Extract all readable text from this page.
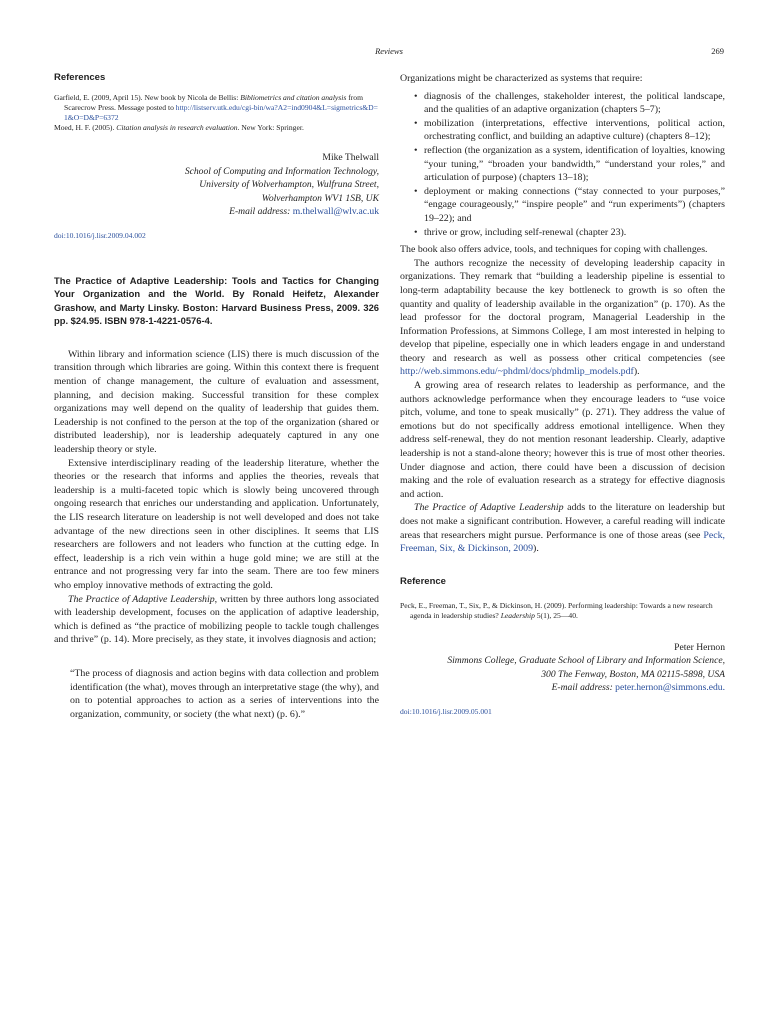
Reviews	269
References

Garfield, E. (2009, April 15). New book by Nicola de Bellis: Bibliometrics and citation analysis from Scarecrow Press. Message posted to http://listserv.utk.edu/cgi-bin/wa?A2=ind0904&L=sigmetrics&D=1&O=D&P=6372

Moed, H. F. (2005). Citation analysis in research evaluation. New York: Springer.

Mike Thelwall
School of Computing and Information Technology,
University of Wolverhampton, Wulfruna Street,
Wolverhampton WV1 1SB, UK
E-mail address: m.thelwall@wlv.ac.uk
doi:10.1016/j.lisr.2009.04.002

The Practice of Adaptive Leadership: Tools and Tactics for Changing Your Organization and the World. By Ronald Heifetz, Alexander Grashow, and Marty Linsky. Boston: Harvard Business Press, 2009. 326 pp. $24.95. ISBN 978-1-4221-0576-4.

Within library and information science (LIS) there is much discussion of the transition through which libraries are going. Within this context there is frequent mention of change management, the culture of evaluation and assessment, planning, and decision making. Successful transition for these complex organizations may well depend on the quality of leadership that guides them. Leadership is not confined to the person at the top of the organization (shared or distributed leadership), nor is leadership adequately captured in any one leadership theory or style.

Extensive interdisciplinary reading of the leadership literature, whether the theories or the research that informs and applies the theories, reveals that leadership is a multi-faceted topic which is slowly being uncovered through ongoing research that enriches our understanding and application. Unfortunately, the LIS research literature on leadership is not well developed and does not take advantage of the new directions seen in other disciplines. It seems that LIS researchers are followers and not leaders who function at the cutting edge. In effect, leadership is a rich vein within a huge gold mine; we are still at the entrance and not progressing very far into the seam. There are too few miners who employ innovative methods of extracting the gold.

The Practice of Adaptive Leadership, written by three authors long associated with leadership development, focuses on the application of adaptive leadership, which is defined as “the practice of mobilizing people to tackle tough challenges and thrive” (p. 14). More precisely, as they state, it involves diagnosis and action;

“The process of diagnosis and action begins with data collection and problem identification (the what), moves through an interpretative stage (the why), and on to potential approaches to action as a series of interventions into the organization, community, or society (the what next) (p. 6).”

Organizations might be characterized as systems that require:

• diagnosis of the challenges, stakeholder interest, the political landscape, and the qualities of an adaptive organization (chapters 5–7);
• mobilization (interpretations, effective interventions, political action, orchestrating conflict, and building an adaptive culture) (chapters 8–12);
• reflection (the organization as a system, identification of loyalties, knowing “your tuning,” “broaden your bandwidth,” “understand your roles,” and articulation of purpose) (chapters 13–18);
• deployment or making connections (“stay connected to your purposes,” “engage courageously,” “inspire people” and “run experiments”) (chapters 19–22); and
• thrive or grow, including self-renewal (chapter 23).

The book also offers advice, tools, and techniques for coping with challenges.

The authors recognize the necessity of developing leadership capacity in organizations. They remark that “building a leadership pipeline is essential to long-term adaptability because the key bottleneck to growth is so often the quantity and quality of leadership available in the organization” (p. 170). As the lead professor for the doctoral program, Managerial Leadership in the Information Professions, at Simmons College, I am most interested in helping to develop that pipeline, especially one in which leaders engage in and understand theory and research as well as possess other critical competencies (see http://web.simmons.edu/~phdml/docs/phdmlip_models.pdf).

A growing area of research relates to leadership as performance, and the authors acknowledge performance when they encourage leaders to “use voice pitch, volume, and tone to speak musically” (p. 271). They address the value of emotions but do not specifically address emotional intelligence. When they address self-renewal, they do not mention resonant leadership. Clearly, adaptive leadership is not a stand-alone theory; however this is true of most other theories. Under diagnose and action, there could have been a discussion of decision making and the role of evaluation research as a strategy for effective diagnosis and action.

The Practice of Adaptive Leadership adds to the literature on leadership but does not make a significant contribution. However, a careful reading will indicate areas that researchers might pursue. Performance is one of those areas (see Peck, Freeman, Six, & Dickinson, 2009).

Reference

Peck, E., Freeman, T., Six, P., & Dickinson, H. (2009). Performing leadership: Towards a new research agenda in leadership studies? Leadership 5(1), 25—40.

Peter Hernon
Simmons College, Graduate School of Library and Information Science,
300 The Fenway, Boston, MA 02115-5898, USA
E-mail address: peter.hernon@simmons.edu.
doi:10.1016/j.lisr.2009.05.001
